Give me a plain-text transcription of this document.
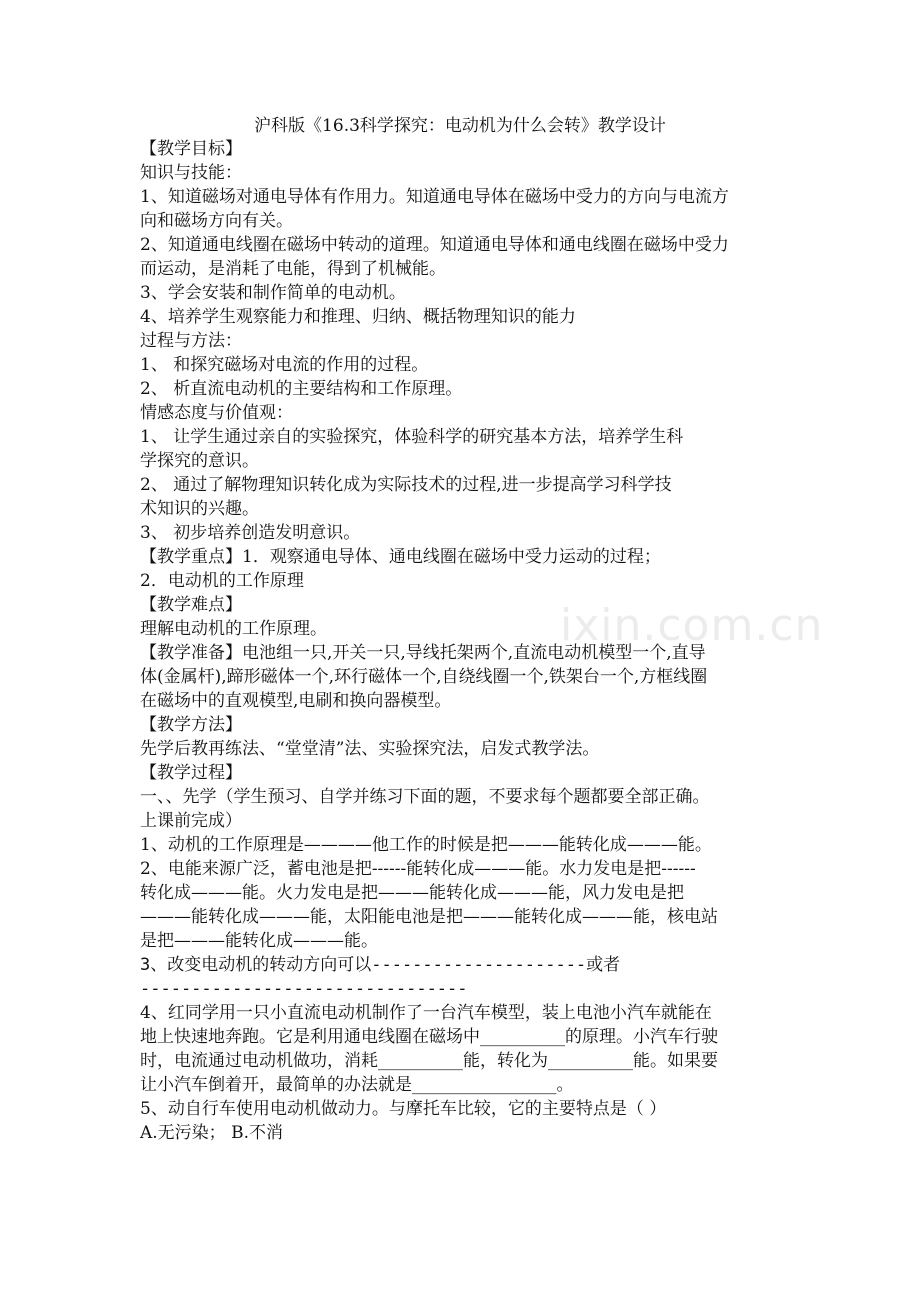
ixin.com.cn
沪科版《16.3科学探究：电动机为什么会转》教学设计
【教学目标】
知识与技能：
1、知道磁场对通电导体有作用力。知道通电导体在磁场中受力的方向与电流方
向和磁场方向有关。
2、知道通电线圈在磁场中转动的道理。知道通电导体和通电线圈在磁场中受力
而运动，是消耗了电能，得到了机械能。
3、学会安装和制作简单的电动机。
4、培养学生观察能力和推理、归纳、概括物理知识的能力
过程与方法：
1、 和探究磁场对电流的作用的过程。
2、 析直流电动机的主要结构和工作原理。
情感态度与价值观：
1、 让学生通过亲自的实验探究，体验科学的研究基本方法，培养学生科
学探究的意识。
2、 通过了解物理知识转化成为实际技术的过程,进一步提高学习科学技
术知识的兴趣。
3、 初步培养创造发明意识。
【教学重点】1．观察通电导体、通电线圈在磁场中受力运动的过程；
2．电动机的工作原理
【教学难点】
理解电动机的工作原理。
【教学准备】电池组一只,开关一只,导线托架两个,直流电动机模型一个,直导
体(金属杆),蹄形磁体一个,环行磁体一个,自绕线圈一个,铁架台一个,方框线圈
在磁场中的直观模型,电刷和换向器模型。
【教学方法】
先学后教再练法、“堂堂清”法、实验探究法，启发式教学法。
【教学过程】
一、、先学（学生预习、自学并练习下面的题，不要求每个题都要全部正确。
上课前完成）
1、动机的工作原理是————他工作的时候是把———能转化成———能。
2、电能来源广泛，蓄电池是把------能转化成———能。水力发电是把------
转化成———能。火力发电是把———能转化成———能，风力发电是把
———能转化成———能，太阳能电池是把———能转化成———能，核电站
是把———能转化成———能。
3、改变电动机的转动方向可以---------------------或者
--------------------------------
4、红同学用一只小直流电动机制作了一台汽车模型，装上电池小汽车就能在
地上快速地奔跑。它是利用通电线圈在磁场中__________的原理。小汽车行驶
时，电流通过电动机做功，消耗__________能，转化为__________能。如果要
让小汽车倒着开，最简单的办法就是_________________。
5、动自行车使用电动机做动力。与摩托车比较，它的主要特点是（ ）
A.无污染； B.不消
